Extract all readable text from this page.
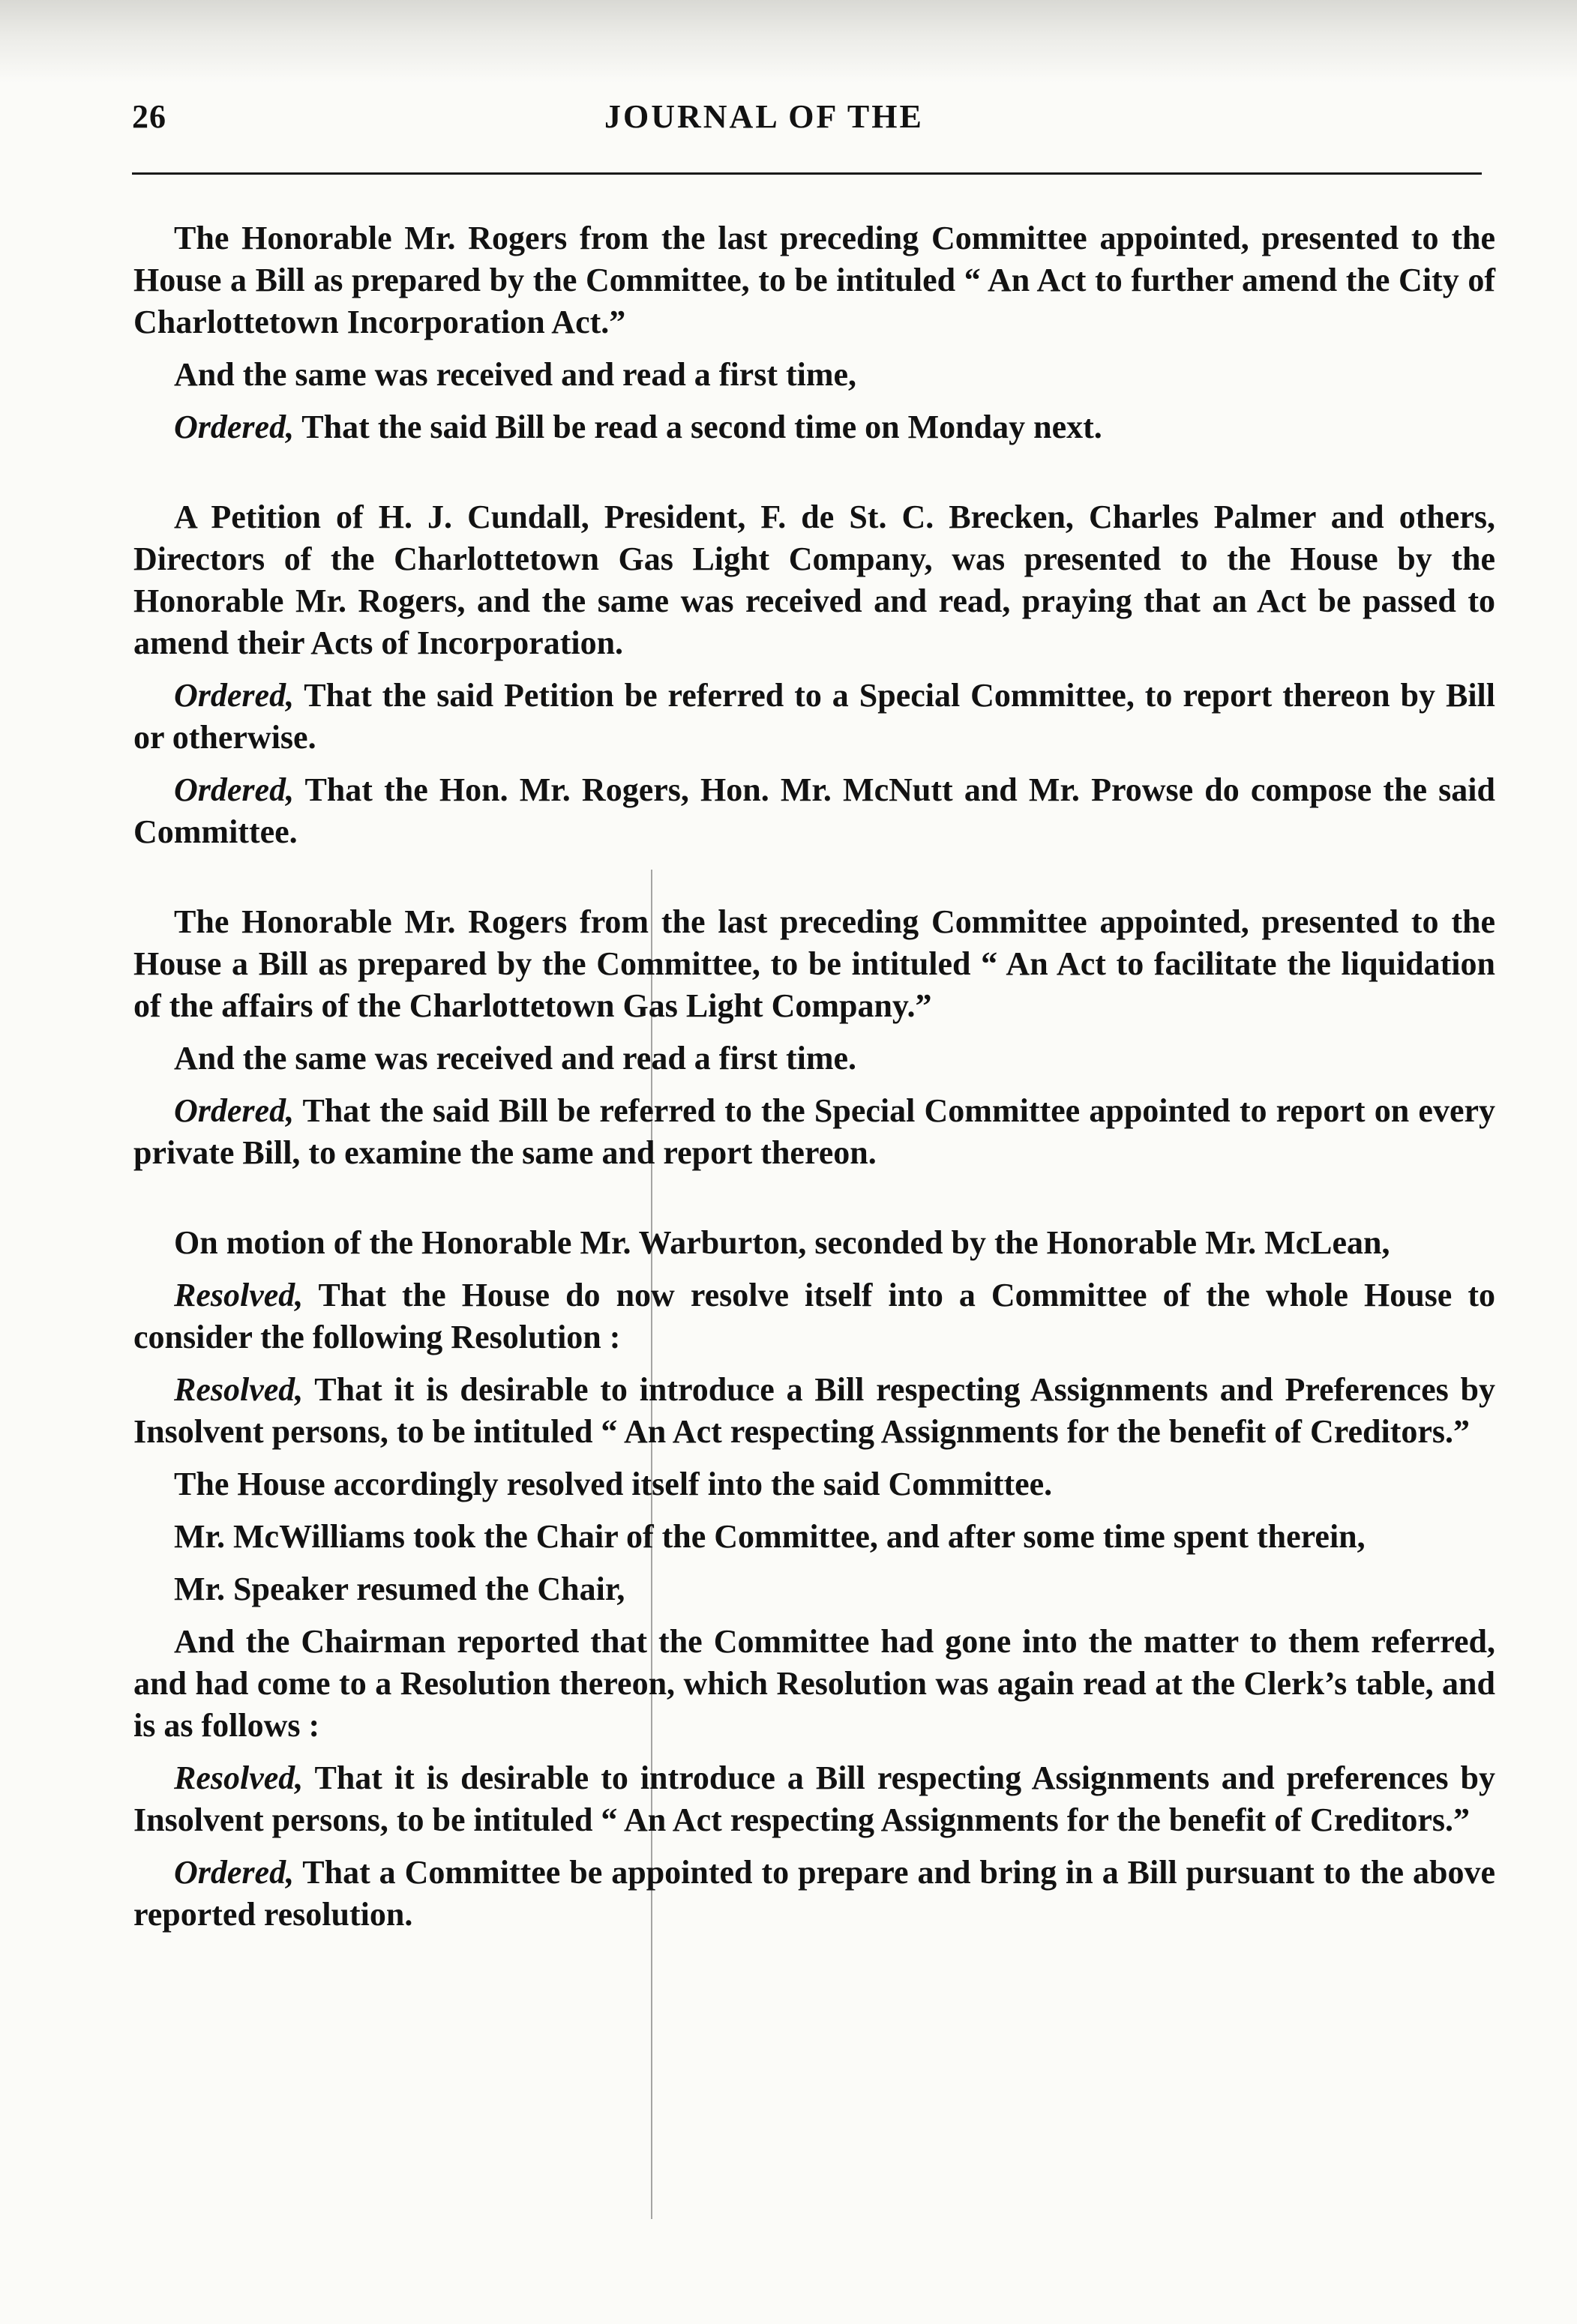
26	JOURNAL OF THE

The Honorable Mr. Rogers from the last preceding Committee appointed, presented to the House a Bill as prepared by the Committee, to be intituled “ An Act to further amend the City of Charlottetown Incorporation Act.”

And the same was received and read a first time,

Ordered, That the said Bill be read a second time on Monday next.

A Petition of H. J. Cundall, President, F. de St. C. Brecken, Charles Palmer and others, Directors of the Charlottetown Gas Light Company, was presented to the House by the Honorable Mr. Rogers, and the same was received and read, praying that an Act be passed to amend their Acts of Incorporation.

Ordered, That the said Petition be referred to a Special Committee, to report thereon by Bill or otherwise.

Ordered, That the Hon. Mr. Rogers, Hon. Mr. McNutt and Mr. Prowse do compose the said Committee.

The Honorable Mr. Rogers from the last preceding Committee appointed, presented to the House a Bill as prepared by the Committee, to be intituled “ An Act to facilitate the liquidation of the affairs of the Charlottetown Gas Light Company.”

And the same was received and read a first time.

Ordered, That the said Bill be referred to the Special Committee appointed to report on every private Bill, to examine the same and report thereon.

On motion of the Honorable Mr. Warburton, seconded by the Honorable Mr. McLean,

Resolved, That the House do now resolve itself into a Committee of the whole House to consider the following Resolution :

Resolved, That it is desirable to introduce a Bill respecting Assignments and Preferences by Insolvent persons, to be intituled “ An Act respecting Assignments for the benefit of Creditors.”

The House accordingly resolved itself into the said Committee.

Mr. McWilliams took the Chair of the Committee, and after some time spent therein,

Mr. Speaker resumed the Chair,

And the Chairman reported that the Committee had gone into the matter to them referred, and had come to a Resolution thereon, which Resolution was again read at the Clerk’s table, and is as follows :

Resolved, That it is desirable to introduce a Bill respecting Assignments and preferences by Insolvent persons, to be intituled “ An Act respecting Assignments for the benefit of Creditors.”

Ordered, That a Committee be appointed to prepare and bring in a Bill pursuant to the above reported resolution.
